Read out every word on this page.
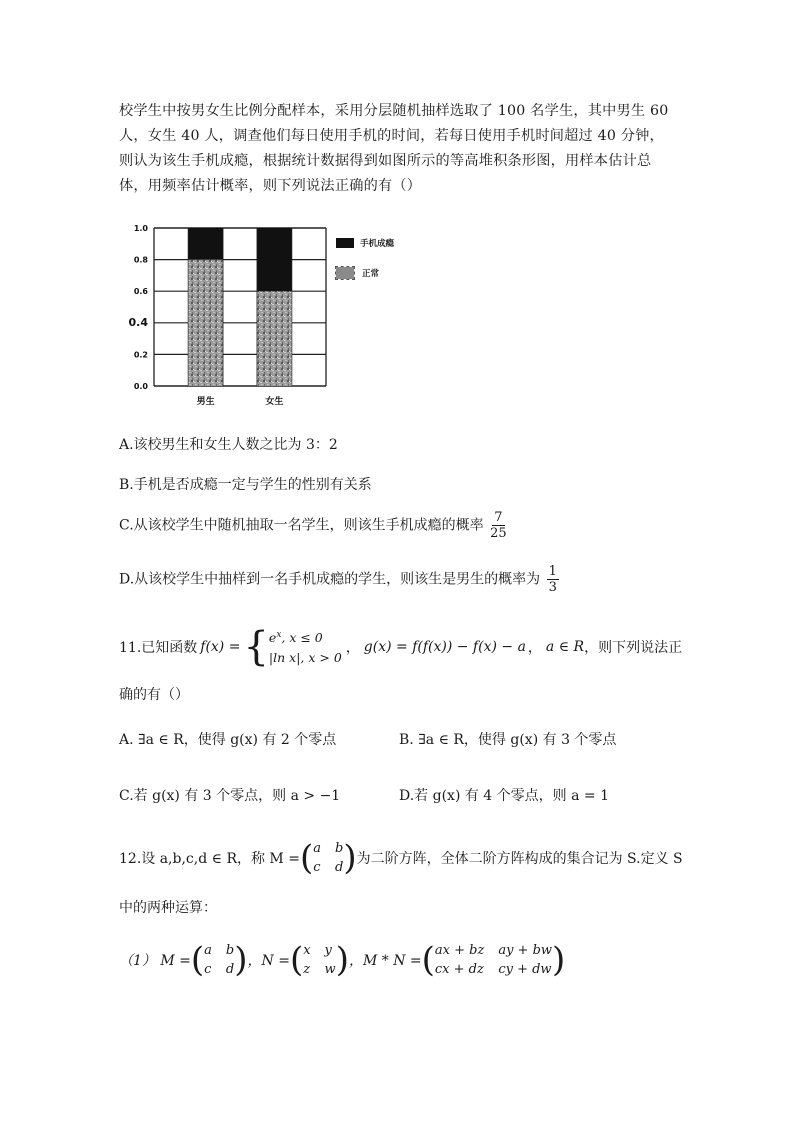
校学生中按男女生比例分配样本，采用分层随机抽样选取了 100 名学生，其中男生 60 人，女生 40 人，调查他们每日使用手机的时间，若每日使用手机时间超过 40 分钟，则认为该生手机成瘾，根据统计数据得到如图所示的等高堆积条形图，用样本估计总体，用频率估计概率，则下列说法正确的有（）
0.0
0.2
0.4
0.6
0.8
1.0
男生	女生
手机成瘾
正常
A.该校男生和女生人数之比为 3：2
B.手机是否成瘾一定与学生的性别有关系
C.从该校学生中随机抽取一名学生，则该生手机成瘾的概率 $\frac{7}{25}$
D.从该校学生中抽样到一名手机成瘾的学生，则该生是男生的概率为 $\frac{1}{3}$
11.已知函数 f (x) = { $e^x$, x ≤ 0
|ln x|, x > 0
， g(x) = f(f(x)) − f(x) − a ， a ∈ R ，则下列说法正
确的有（）
A. ∃a ∈ R，使得 g(x) 有 2 个零点	B. ∃a ∈ R，使得 g(x) 有 3 个零点
C.若 g(x) 有 3 个零点，则 a > −1	D.若 g(x) 有 4 个零点，则 a = 1
12.设 a,b,c,d ∈ R，称 M = ( a b
c d ) 为二阶方阵，全体二阶方阵构成的集合记为 S.定义 S
中的两种运算：
（1） M = ( a b
c d ) ，N = ( x y
z w ) ，M * N = ( ax + bz ay + bw
cx + dz cy + dw )
